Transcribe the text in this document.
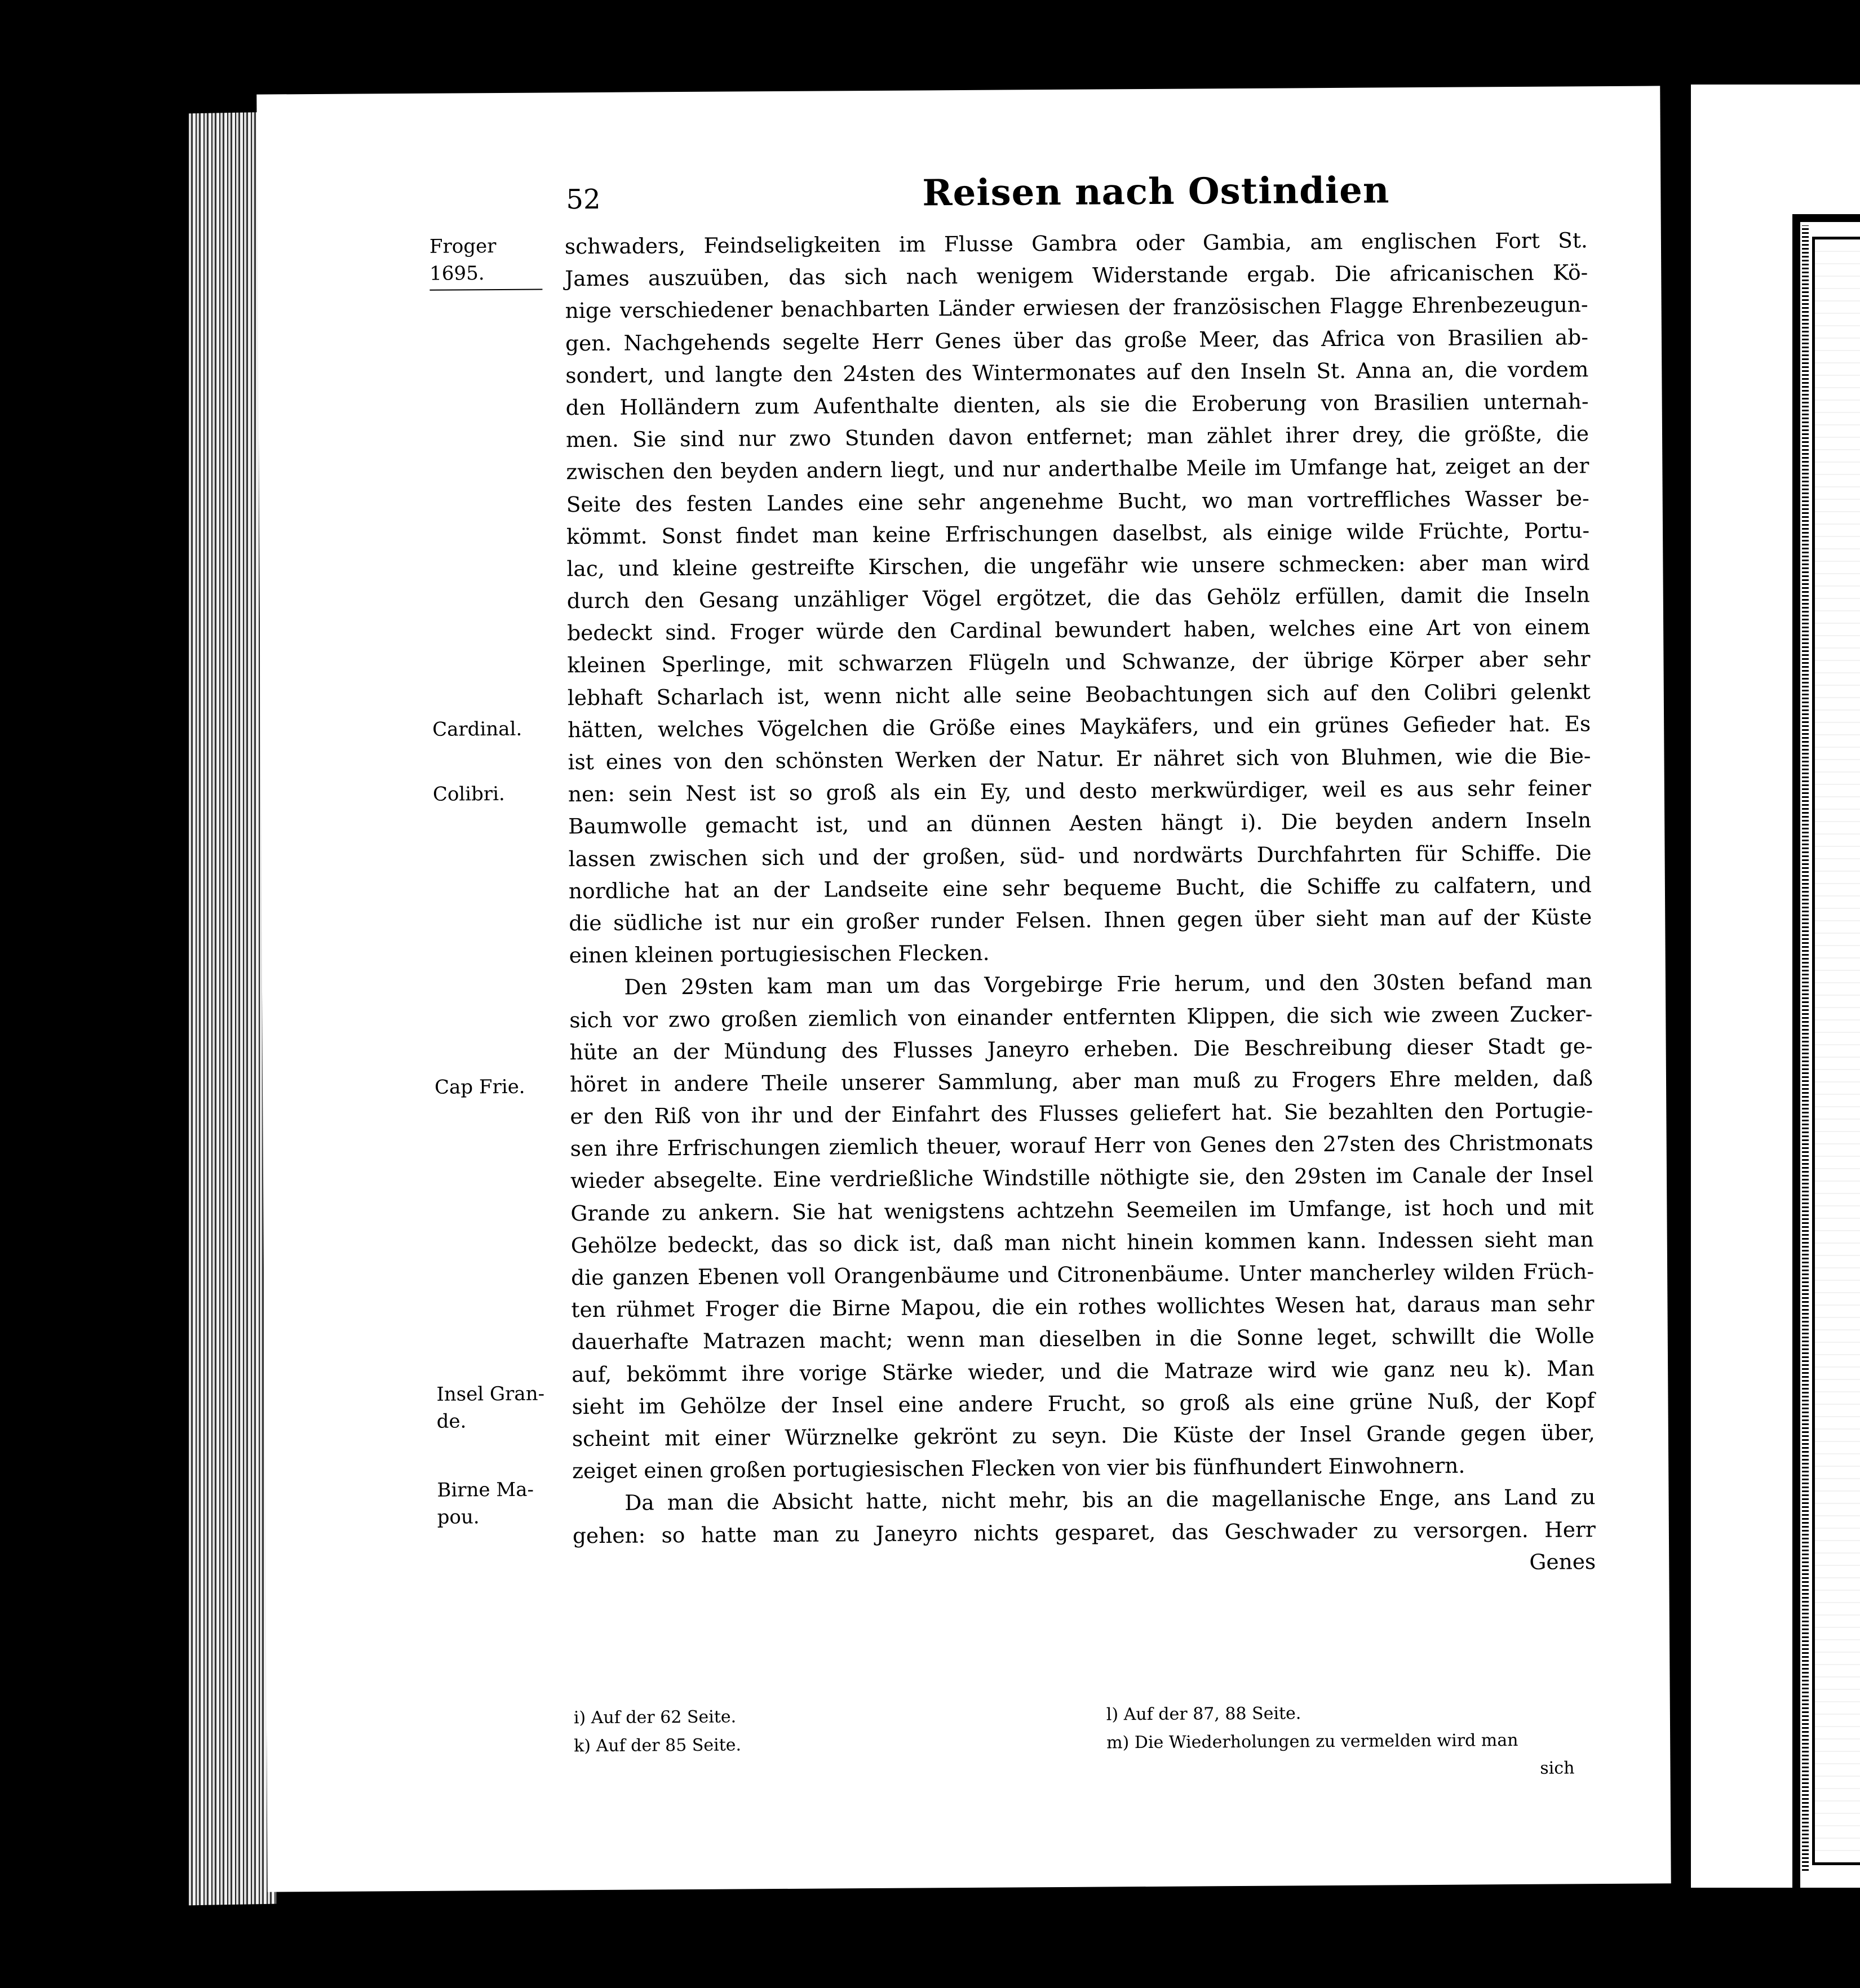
52	Reisen nach Ostindien
Froger 1695.
Cardinal.
Colibri.
Cap Frie.
Insel Gran-
de.
Birne Ma-
pou.
schwaders, Feindseligkeiten im Flusse Gambra oder Gambia, am englischen Fort St.
James auszuüben, das sich nach wenigem Widerstande ergab. Die africanischen Kö-
nige verschiedener benachbarten Länder erwiesen der französischen Flagge Ehrenbezeugun-
gen. Nachgehends segelte Herr Genes über das große Meer, das Africa von Brasilien ab-
sondert, und langte den 24sten des Wintermonates auf den Inseln St. Anna an, die vordem
den Holländern zum Aufenthalte dienten, als sie die Eroberung von Brasilien unternah-
men. Sie sind nur zwo Stunden davon entfernet; man zählet ihrer drey, die größte, die
zwischen den beyden andern liegt, und nur anderthalbe Meile im Umfange hat, zeiget an der
Seite des festen Landes eine sehr angenehme Bucht, wo man vortreffliches Wasser be-
kömmt. Sonst findet man keine Erfrischungen daselbst, als einige wilde Früchte, Portu-
lac, und kleine gestreifte Kirschen, die ungefähr wie unsere schmecken: aber man wird
durch den Gesang unzähliger Vögel ergötzet, die das Gehölz erfüllen, damit die Inseln
bedeckt sind. Froger würde den Cardinal bewundert haben, welches eine Art von einem
kleinen Sperlinge, mit schwarzen Flügeln und Schwanze, der übrige Körper aber sehr
lebhaft Scharlach ist, wenn nicht alle seine Beobachtungen sich auf den Colibri gelenkt
hätten, welches Vögelchen die Größe eines Maykäfers, und ein grünes Gefieder hat. Es
ist eines von den schönsten Werken der Natur. Er nähret sich von Bluhmen, wie die Bie-
nen: sein Nest ist so groß als ein Ey, und desto merkwürdiger, weil es aus sehr feiner
Baumwolle gemacht ist, und an dünnen Aesten hängt i). Die beyden andern Inseln
lassen zwischen sich und der großen, süd- und nordwärts Durchfahrten für Schiffe. Die
nordliche hat an der Landseite eine sehr bequeme Bucht, die Schiffe zu calfatern, und
die südliche ist nur ein großer runder Felsen. Ihnen gegen über sieht man auf der Küste
einen kleinen portugiesischen Flecken.
Den 29sten kam man um das Vorgebirge Frie herum, und den 30sten befand man
sich vor zwo großen ziemlich von einander entfernten Klippen, die sich wie zween Zucker-
hüte an der Mündung des Flusses Janeyro erheben. Die Beschreibung dieser Stadt ge-
höret in andere Theile unserer Sammlung, aber man muß zu Frogers Ehre melden, daß
er den Riß von ihr und der Einfahrt des Flusses geliefert hat. Sie bezahlten den Portugie-
sen ihre Erfrischungen ziemlich theuer, worauf Herr von Genes den 27sten des Christmonats
wieder absegelte. Eine verdrießliche Windstille nöthigte sie, den 29sten im Canale der Insel
Grande zu ankern. Sie hat wenigstens achtzehn Seemeilen im Umfange, ist hoch und mit
Gehölze bedeckt, das so dick ist, daß man nicht hinein kommen kann. Indessen sieht man
die ganzen Ebenen voll Orangenbäume und Citronenbäume. Unter mancherley wilden Früch-
ten rühmet Froger die Birne Mapou, die ein rothes wollichtes Wesen hat, daraus man sehr
dauerhafte Matrazen macht; wenn man dieselben in die Sonne leget, schwillt die Wolle
auf, bekömmt ihre vorige Stärke wieder, und die Matraze wird wie ganz neu k). Man
sieht im Gehölze der Insel eine andere Frucht, so groß als eine grüne Nuß, der Kopf
scheint mit einer Würznelke gekrönt zu seyn. Die Küste der Insel Grande gegen über,
zeiget einen großen portugiesischen Flecken von vier bis fünfhundert Einwohnern.
Da man die Absicht hatte, nicht mehr, bis an die magellanische Enge, ans Land zu
gehen: so hatte man zu Janeyro nichts gesparet, das Geschwader zu versorgen. Herr
Genes
i) Auf der 62 Seite.
k) Auf der 85 Seite.
l) Auf der 87, 88 Seite.
m) Die Wiederholungen zu vermelden wird man
sich
